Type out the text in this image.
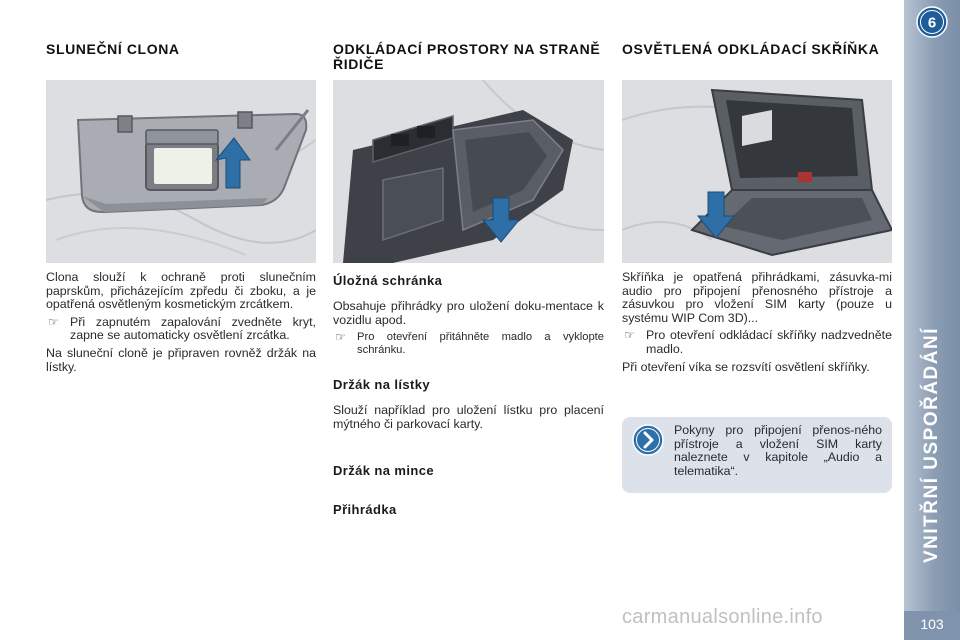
SLUNEČNÍ CLONA

Clona slouží k ochraně proti slunečním paprskům, přicházejícím zpředu či zboku, a je opatřená osvětleným kosmetickým zrcátkem.

☞ Při zapnutém zapalování zvedněte kryt, zapne se automaticky osvětlení zrcátka.

Na sluneční cloně je připraven rovněž držák na lístky.

ODKLÁDACÍ PROSTORY NA STRANĚ ŘIDIČE

Úložná schránka

Obsahuje přihrádky pro uložení doku-mentace k vozidlu apod.

☞ Pro otevření přitáhněte madlo a vyklopte schránku.

Držák na lístky

Slouží například pro uložení lístku pro placení mýtného či parkovací karty.

Držák na mince

Přihrádka

OSVĚTLENÁ ODKLÁDACÍ SKŘÍŇKA

Skříňka je opatřená přihrádkami, zásuvka-mi audio pro připojení přenosného přístroje a zásuvkou pro vložení SIM karty (pouze u systému WIP Com 3D)...

☞ Pro otevření odkládací skříňky nadzvedněte madlo.

Při otevření víka se rozsvítí osvětlení skříňky.

Pokyny pro připojení přenos-ného přístroje a vložení SIM karty naleznete v kapitole „Audio a telematika“.
6
VNITŘNÍ USPOŘÁDÁNÍ
103
carmanualsonline.info
